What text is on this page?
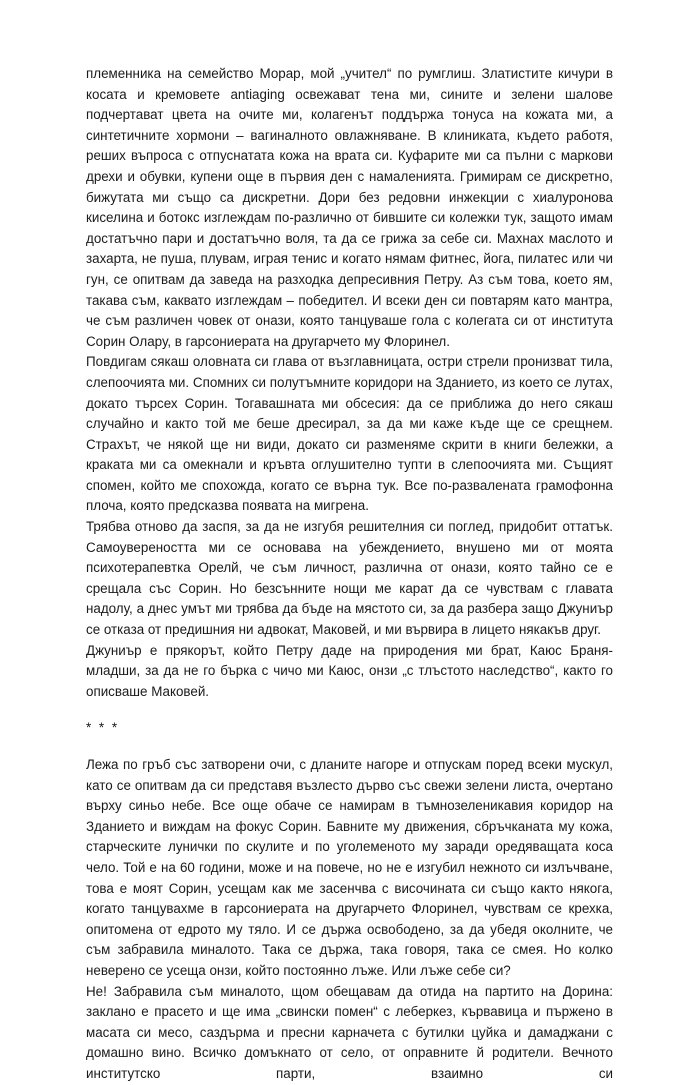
племенника на семейство Морар, мой „учител“ по румглиш. Златистите кичури в косата и кремовете antiaging освежават тена ми, сините и зелени шалове подчертават цвета на очите ми, колагенът поддържа тонуса на кожата ми, а синтетичните хормони – вагиналното овлажняване. В клиниката, където работя, реших въпроса с отпуснатата кожа на врата си. Куфарите ми са пълни с маркови дрехи и обувки, купени още в първия ден с намаленията. Гримирам се дискретно, бижутата ми също са дискретни. Дори без редовни инжекции с хиалуронова киселина и ботокс изглеждам по-различно от бившите си колежки тук, защото имам достатъчно пари и достатъчно воля, та да се грижа за себе си. Махнах маслото и захарта, не пуша, плувам, играя тенис и когато нямам фитнес, йога, пилатес или чи гун, се опитвам да заведа на разходка депресивния Петру. Аз съм това, което ям, такава съм, каквато изглеждам – победител. И всеки ден си повтарям като мантра, че съм различен човек от онази, която танцуваше гола с колегата си от института Сорин Олару, в гарсониерата на другарчето му Флоринел.

Повдигам сякаш оловната си глава от възглавницата, остри стрели пронизват тила, слепоочията ми. Спомних си полутъмните коридори на Зданието, из което се лутах, докато търсех Сорин. Тогавашната ми обсесия: да се приближа до него сякаш случайно и както той ме беше дресирал, за да ми каже къде ще се срещнем. Страхът, че някой ще ни види, докато си разменяме скрити в книги бележки, а краката ми са омекнали и кръвта оглушително тупти в слепоочията ми. Същият спомен, който ме спохожда, когато се върна тук. Все по-развалената грамофонна плоча, която предсказва появата на мигрена.

Трябва отново да заспя, за да не изгубя решителния си поглед, придобит оттатък. Самоувереността ми се основава на убеждението, внушено ми от моята психотерапевтка Орелй, че съм личност, различна от онази, която тайно се е срещала със Сорин. Но безсънните нощи ме карат да се чувствам с главата надолу, а днес умът ми трябва да бъде на мястото си, за да разбера защо Джуниър се отказа от предишния ни адвокат, Маковей, и ми вървира в лицето някакъв друг.

Джуниър е прякорът, който Петру даде на природения ми брат, Каюс Браня-младши, за да не го бърка с чичо ми Каюс, онзи „с тлъстото наследство“, както го описваше Маковей.

* * *

Лежа по гръб със затворени очи, с дланите нагоре и отпускам поред всеки мускул, като се опитвам да си представя възлесто дърво със свежи зелени листа, очертано върху синьо небе. Все още обаче се намирам в тъмнозеленикавия коридор на Зданието и виждам на фокус Сорин. Бавните му движения, сбръчканата му кожа, старческите лунички по скулите и по уголеменото му заради оредяващата коса чело. Той е на 60 години, може и на повече, но не е изгубил нежното си излъчване, това е моят Сорин, усещам как ме засенчва с височината си също както някога, когато танцувахме в гарсониерата на другарчето Флоринел, чувствам се крехка, опитомена от едрото му тяло. И се държа освободено, за да убедя околните, че съм забравила миналото. Така се държа, така говоря, така се смея. Но колко неверено се усеща онзи, който постоянно лъже. Или лъже себе си?

Не! Забравила съм миналото, щом обещавам да отида на партито на Дорина: заклано е прасето и ще има „свински помен“ с леберкез, кървавица и пържено в масата си месо, саздърма и пресни карначета с бутилки цуйка и дамаджани с домашно вино. Всичко домъкнато от село, от оправните й родители. Вечното институтско парти, взаимно си
